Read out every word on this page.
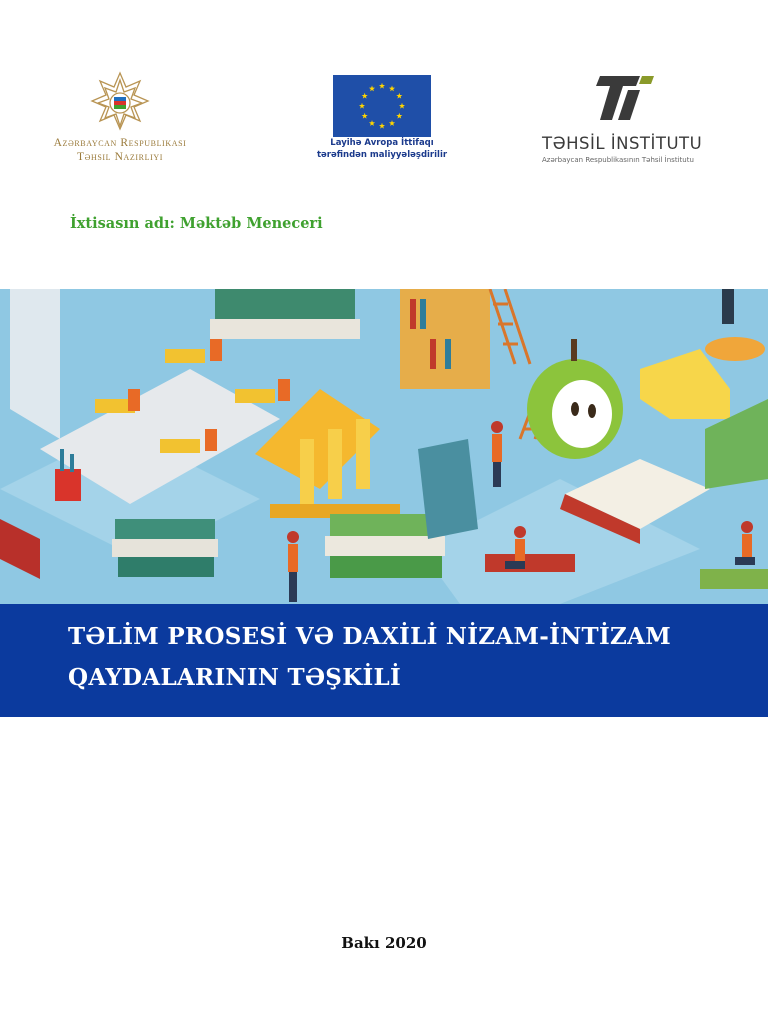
Azərbaycan Respublikası
Təhsil Nazirliyi
Layihə Avropa İttifaqı
tərəfindən maliyyələşdirilir
TƏHSİL İNSTİTUTU
Azərbaycan Respublikasının Təhsil İnstitutu
İxtisasın adı: Məktəb Meneceri
TƏLİM PROSESİ VƏ DAXİLİ NİZAM-İNTİZAM
QAYDALARININ TƏŞKİLİ
Bakı 2020
